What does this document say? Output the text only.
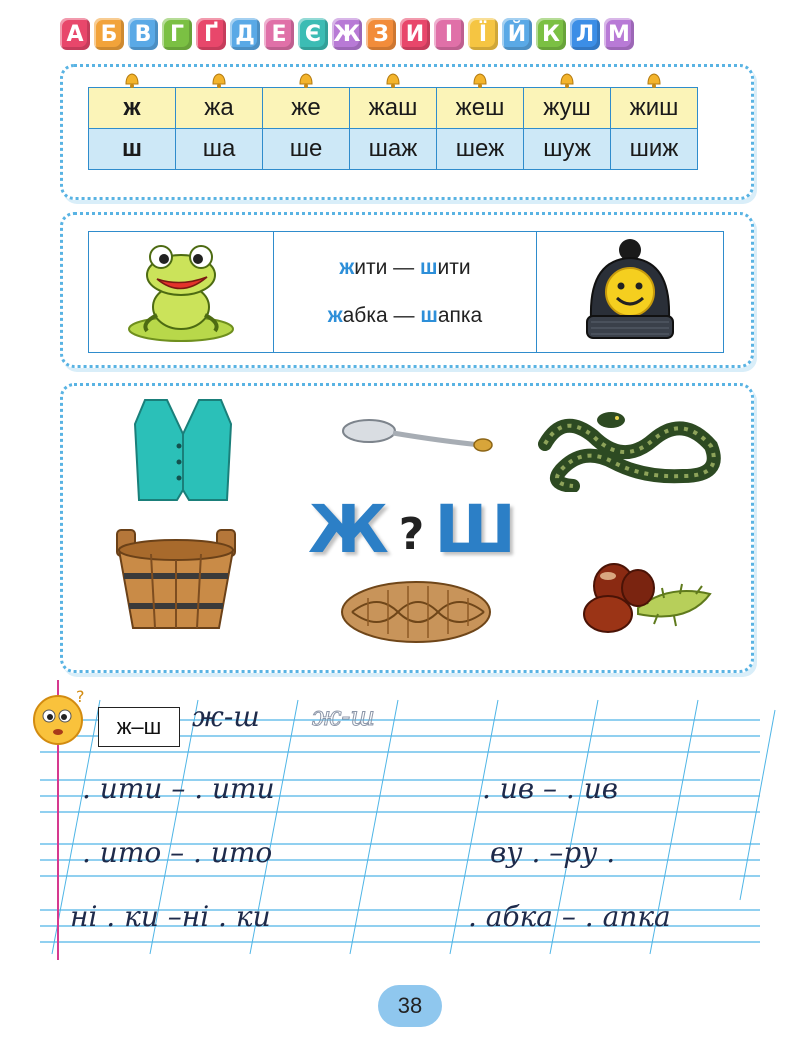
А Б В Г Ґ Д Е Є Ж З И І	Ї Й К Л М
ж	жа	же	жаш	жеш	жуш	жиш
ш	ша	ше	шаж	шеж	шуж	шиж
жити — шити
жабка — шапка
Ж ? Ш
?
ж–ш	ж-ш ж-ш
. ити – . ити	. ив – . ив
. ито – . ито	ву . –ру .
ні . ки –ні . ки	. абка – . апка
38
